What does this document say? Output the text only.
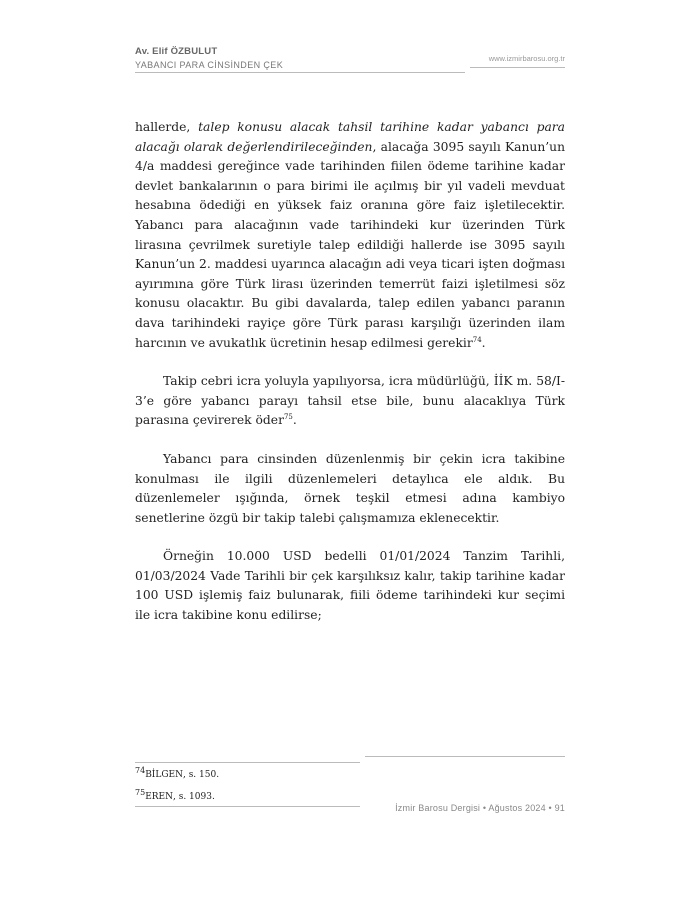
Av. Elif ÖZBULUT
YABANCI PARA CİNSİNDEN ÇEK
www.izmirbarosu.org.tr

hallerde, talep konusu alacak tahsil tarihine kadar yabancı para alacağı olarak değerlendirileceğinden, alacağa 3095 sayılı Kanun’un 4/a maddesi gereğince vade tarihinden fiilen ödeme tarihine kadar devlet bankalarının o para birimi ile açılmış bir yıl vadeli mevduat hesabına ödediği en yüksek faiz oranına göre faiz işletilecektir. Yabancı para alacağının vade tarihindeki kur üzerinden Türk lirasına çevrilmek suretiyle talep edildiği hallerde ise 3095 sayılı Kanun’un 2. maddesi uyarınca alacağın adi veya ticari işten doğması ayırımına göre Türk lirası üzerinden temerrüt faizi işletilmesi söz konusu olacaktır. Bu gibi davalarda, talep edilen yabancı paranın dava tarihindeki rayiçe göre Türk parası karşılığı üzerinden ilam harcının ve avukatlık ücretinin hesap edilmesi gerekir$^{74}$.

Takip cebri icra yoluyla yapılıyorsa, icra müdürlüğü, İİK m. 58/I-3’e göre yabancı parayı tahsil etse bile, bunu alacaklıya Türk parasına çevirerek öder$^{75}$.

Yabancı para cinsinden düzenlenmiş bir çekin icra takibine konulması ile ilgili düzenlemeleri detaylıca ele aldık. Bu düzenlemeler ışığında, örnek teşkil etmesi adına kambiyo senetlerine özgü bir takip talebi çalışmamıza eklenecektir.

Örneğin 10.000 USD bedelli 01/01/2024 Tanzim Tarihli, 01/03/2024 Vade Tarihli bir çek karşılıksız kalır, takip tarihine kadar 100 USD işlemiş faiz bulunarak, fiili ödeme tarihindeki kur seçimi ile icra takibine konu edilirse;

$^{74}$BİLGEN, s. 150.
$^{75}$EREN, s. 1093.
İzmir Barosu Dergisi • Ağustos 2024 • 91
